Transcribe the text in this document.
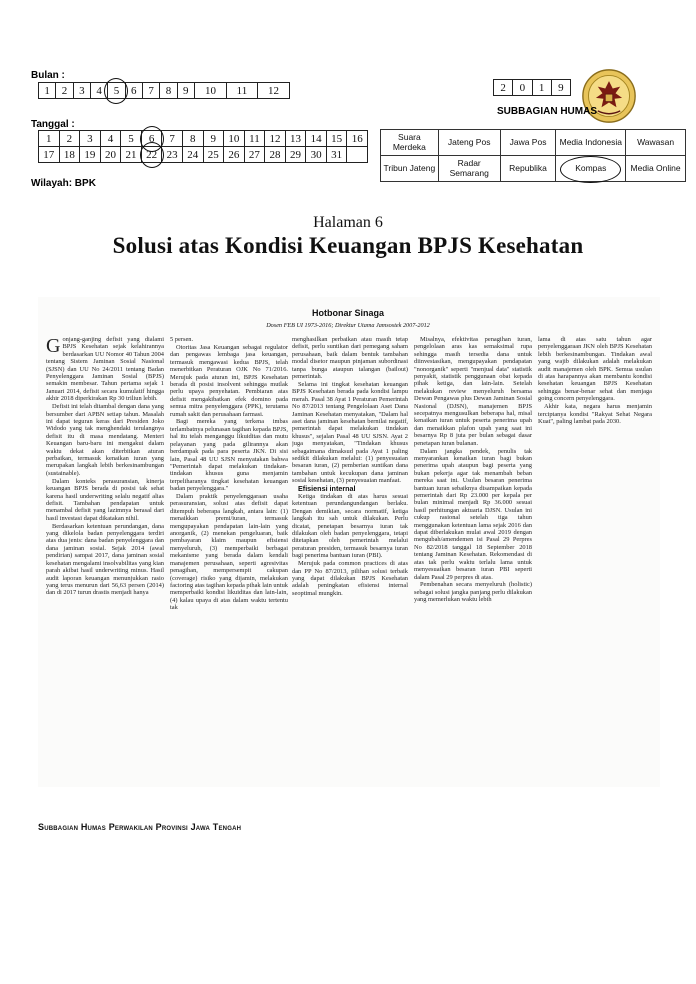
Bulan :
1	2	3	4	5	6	7	8	9	10	11	12
Tanggal :
1	2	3	4	5	6	7	8	9	10	11	12	13	14	15	16
17	18	19	20	21	22	23	24	25	26	27	28	29	30	31	
Wilayah: BPK
2	0	1	9
SUBBAGIAN HUMAS
Suara Merdeka	Jateng Pos	Jawa Pos	Media Indonesia	Wawasan
Tribun Jateng	Radar Semarang	Republika	Kompas	Media Online
Halaman 6
Solusi atas Kondisi Keuangan BPJS Kesehatan
Hotbonar Sinaga
Dosen FEB UI 1973-2016; Direktur Utama Jamsostek 2007-2012

Gonjang-ganjing defisit yang dialami BPJS Kesehatan sejak kelahirannya berdasarkan UU Nomor 40 Tahun 2004 tentang Sistem Jaminan Sosial Nasional (SJSN) dan UU No 24/2011 tentang Badan Penyelenggara Jaminan Sosial (BPJS) semakin membesar. Tahun pertama sejak 1 Januari 2014, defisit secara kumulatif hingga akhir 2018 diperkirakan Rp 30 triliun lebih.

Defisit ini telah ditambal dengan dana yang bersumber dari APBN setiap tahun. Masalah ini dapat teguran keras dari Presiden Joko Widodo yang tak menghendaki terulangnya defisit itu di masa mendatang. Menteri Keuangan baru-baru ini mengakui dalam waktu dekat akan diterbitkan aturan perbaikan, termasuk kenaikan iuran yang merupakan langkah lebih berkesinambungan (sustainable).

Dalam konteks perasuransian, kinerja keuangan BPJS berada di posisi tak sehat karena hasil underwriting selalu negatif alias defisit. Tambahan pendapatan untuk menambal defisit yang lazimnya berasal dari hasil investasi dapat dikatakan nihil.

Berdasarkan ketentuan perundangan, dana yang dikelola badan penyelenggara terdiri atas dua jenis: dana badan penyelenggara dan dana jaminan sosial. Sejak 2014 (awal pendirian) sampai 2017, dana jaminan sosial kesehatan mengalami insolvabilitas yang kian parah akibat hasil underwriting minus. Hasil audit laporan keuangan menunjukkan rasio yang terus menurun dari 56,63 persen (2014) dan di 2017 turun drastis menjadi hanya

5 persen.

Otoritas Jasa Keuangan sebagai regulator dan pengawas lembaga jasa keuangan, termasuk mengawasi kedua BPJS, telah menerbitkan Peraturan OJK No 71/2016. Merujuk pada aturan ini, BPJS Kesehatan berada di posisi insolvent sehingga mutlak perlu upaya penyehatan. Pembiaran atas defisit mengakibatkan efek domino pada semua mitra penyelenggara (PPK), terutama rumah sakit dan perusahaan farmasi.

Bagi mereka yang terkena imbas terlambatnya pelunasan tagihan kepada BPJS, hal itu telah menganggu likuiditas dan mutu pelayanan yang pada gilirannya akan berdampak pada para peserta JKN. Di sisi lain, Pasal 48 UU SJSN menyatakan bahwa "Pemerintah dapat melakukan tindakan-tindakan khusus guna menjamin terpeliharanya tingkat kesehatan keuangan badan penyelenggara."

Dalam praktik penyelenggaraan usaha perasuransian, solusi atas defisit dapat ditempuh beberapa langkah, antara lain: (1) menaikkan premi/iuran, termasuk mengupayakan pendapatan lain-lain yang anorganik, (2) menekan pengeluaran, baik pembayaran klaim maupun efisiensi menyeluruh, (3) memperbaiki berbagai mekanisme yang berada dalam kendali manajemen perusahaan, seperti agresivitas penagihan, mempersempit cakupan (coverage) risiko yang dijamin, melakukan factoring atas tagihan kepada pihak lain untuk memperbaiki kondisi likuiditas dan lain-lain, (4) kalau upaya di atas dalam waktu tertentu tak

menghasilkan perbaikan atau masih tetap defisit, perlu suntikan dari pemegang saham perusahaan, baik dalam bentuk tambahan modal disetor maupun pinjaman subordinasi tanpa bunga ataupun talangan (bailout) pemerintah.

Selama ini tingkat kesehatan keuangan BPJS Kesehatan berada pada kondisi lampu merah. Pasal 38 Ayat 1 Peraturan Pemerintah No 87/2013 tentang Pengelolaan Aset Dana Jaminan Kesehatan menyatakan, "Dalam hal aset dana jaminan kesehatan bernilai negatif, pemerintah dapat melakukan tindakan khusus", sejalan Pasal 48 UU SJSN. Ayat 2 juga menyatakan, "Tindakan khusus sebagaimana dimaksud pada Ayat 1 paling sedikit dilakukan melalui: (1) penyesuaian besaran iuran, (2) pemberian suntikan dana tambahan untuk kecukupan dana jaminan sosial kesehatan, (3) penyesuaian manfaat.

Efisiensi internal

Ketiga tindakan di atas harus sesuai ketentuan perundangundangan berlaku. Dengan demikian, secara normatif, ketiga langkah itu sah untuk dilakukan. Perlu dicatat, penetapan besarnya iuran tak dilakukan oleh badan penyelenggara, tetapi ditetapkan oleh pemerintah melalui peraturan presiden, termasuk besarnya iuran bagi penerima bantuan iuran (PBI).

Merujuk pada common practices di atas dan PP No 87/2013, pilihan solusi terbaik yang dapat dilakukan BPJS Kesehatan adalah peningkatan efisiensi internal seoptimal mungkin.

Misalnya, efektivitas penagihan iuran, pengelolaan aras kas semaksimal rupa sehingga masih tersedia dana untuk diinvestasikan, mengupayakan pendapatan "nonorganik" seperti "menjual data" statistik penyakit, statistik penggunaan obat kepada pihak ketiga, dan lain-lain. Setelah melakukan review menyeluruh bersama Dewan Pengawas plus Dewan Jaminan Sosial Nasional (DJSN), manajemen BPJS secepatnya mengusulkan beberapa hal, misal kenaikan iuran untuk peserta penerima upah dan menaikkan plafon upah yang saat ini besarnya Rp 8 juta per bulan sebagai dasar penetapan iuran bulanan.

Dalam jangka pendek, penulis tak menyarankan kenaikan iuran bagi bukan penerima upah ataupun bagi peserta yang bukan pekerja agar tak menambah beban mereka saat ini. Usulan besaran penerima bantuan iuran sebaiknya disampaikan kepada pemerintah dari Rp 23.000 per kepala per bulan minimal menjadi Rp 36.000 sesuai hasil perhitungan aktuaria DJSN. Usulan ini cukup rasional setelah tiga tahun menggunakan ketentuan lama sejak 2016 dan dapat diberlakukan mulai awal 2019 dengan mengubah/amendemen isi Pasal 29 Perpres No 82/2018 tanggal 18 September 2018 tentang Jaminan Kesehatan. Rekomendasi di atas tak perlu waktu terlalu lama untuk menyesuaikan besaran iuran PBI seperti dalam Pasal 29 perpres di atas.

Pembenahan secara menyeluruh (holistic) sebagai solusi jangka panjang perlu dilakukan yang memerlukan waktu lebih

lama di atas satu tahun agar penyelenggaraan JKN oleh BPJS Kesehatan lebih berkesinambungan. Tindakan awal yang wajib dilakukan adalah melakukan audit manajemen oleh BPK. Semua usulan di atas harapannya akan membantu kondisi kesehatan keuangan BPJS Kesehatan sehingga benar-benar sehat dan menjaga going concern penyelenggara.

Akhir kata, negara harus menjamin terciptanya kondisi "Rakyat Sehat Negara Kuat", paling lambat pada 2030.

Subbagian Humas Perwakilan Provinsi Jawa Tengah
